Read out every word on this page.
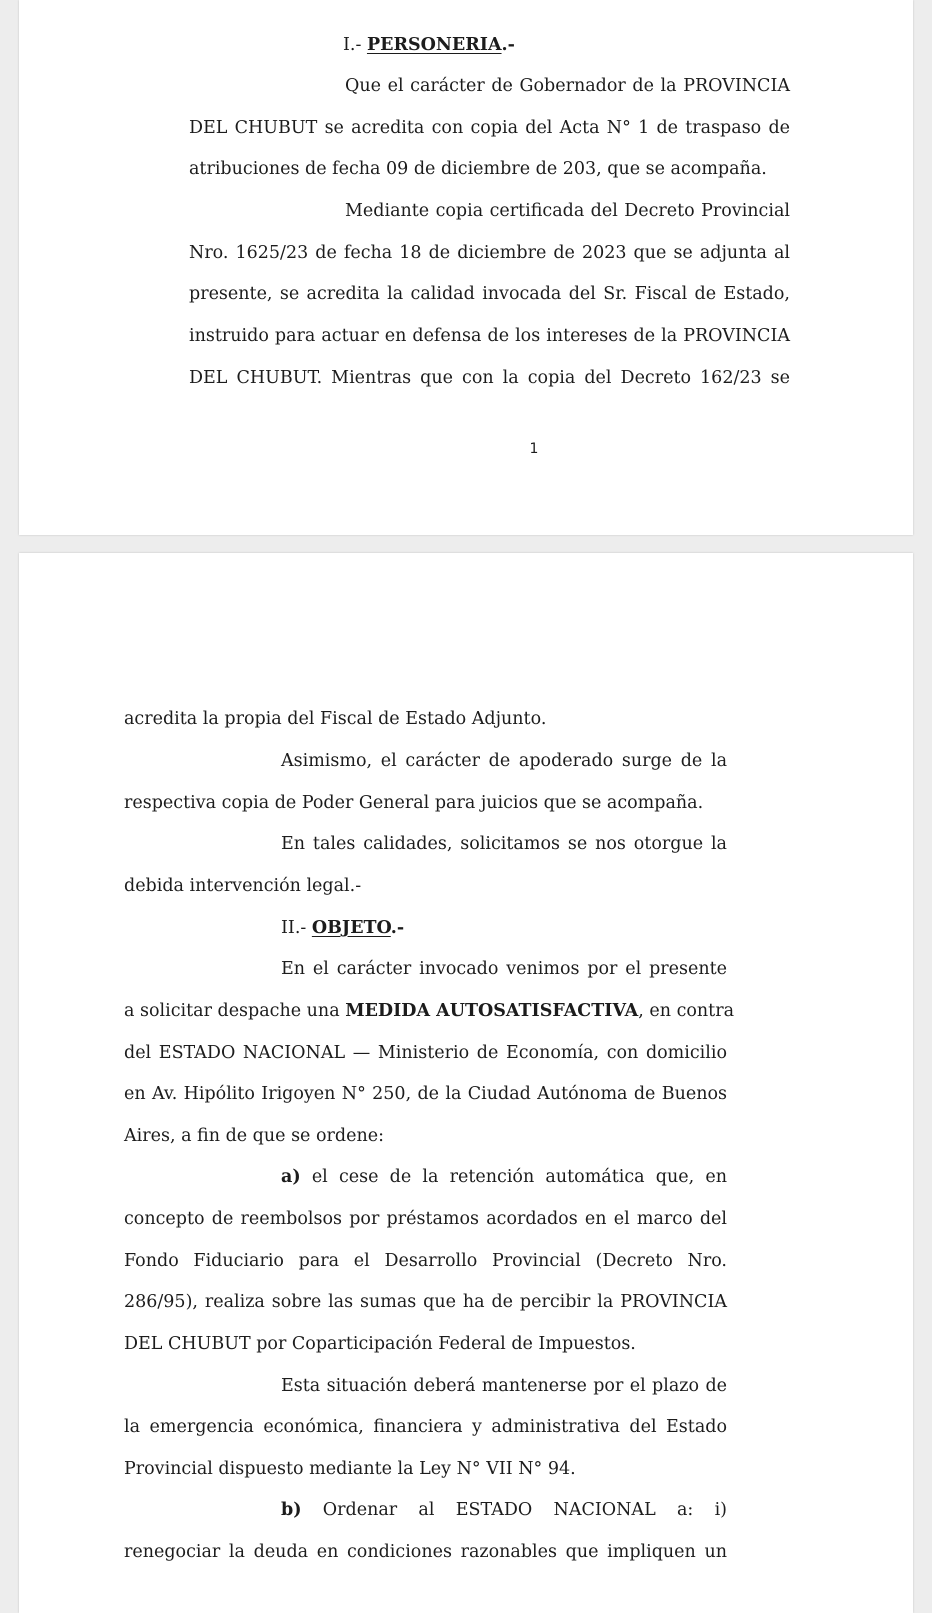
I.- PERSONERIA.-
Que el carácter de Gobernador de la PROVINCIA
DEL CHUBUT se acredita con copia del Acta N° 1 de traspaso de
atribuciones de fecha 09 de diciembre de 203, que se acompaña.
Mediante copia certificada del Decreto Provincial
Nro. 1625/23 de fecha 18 de diciembre de 2023 que se adjunta al
presente, se acredita la calidad invocada del Sr. Fiscal de Estado,
instruido para actuar en defensa de los intereses de la PROVINCIA
DEL CHUBUT. Mientras que con la copia del Decreto 162/23 se
1
acredita la propia del Fiscal de Estado Adjunto.
Asimismo, el carácter de apoderado surge de la
respectiva copia de Poder General para juicios que se acompaña.
En tales calidades, solicitamos se nos otorgue la
debida intervención legal.-
II.- OBJETO.-
En el carácter invocado venimos por el presente
a solicitar despache una MEDIDA AUTOSATISFACTIVA, en contra
del ESTADO NACIONAL — Ministerio de Economía, con domicilio
en Av. Hipólito Irigoyen N° 250, de la Ciudad Autónoma de Buenos
Aires, a fin de que se ordene:
a) el cese de la retención automática que, en
concepto de reembolsos por préstamos acordados en el marco del
Fondo Fiduciario para el Desarrollo Provincial (Decreto Nro.
286/95), realiza sobre las sumas que ha de percibir la PROVINCIA
DEL CHUBUT por Coparticipación Federal de Impuestos.
Esta situación deberá mantenerse por el plazo de
la emergencia económica, financiera y administrativa del Estado
Provincial dispuesto mediante la Ley N° VII N° 94.
b) Ordenar al ESTADO NACIONAL a: i)
renegociar la deuda en condiciones razonables que impliquen un
